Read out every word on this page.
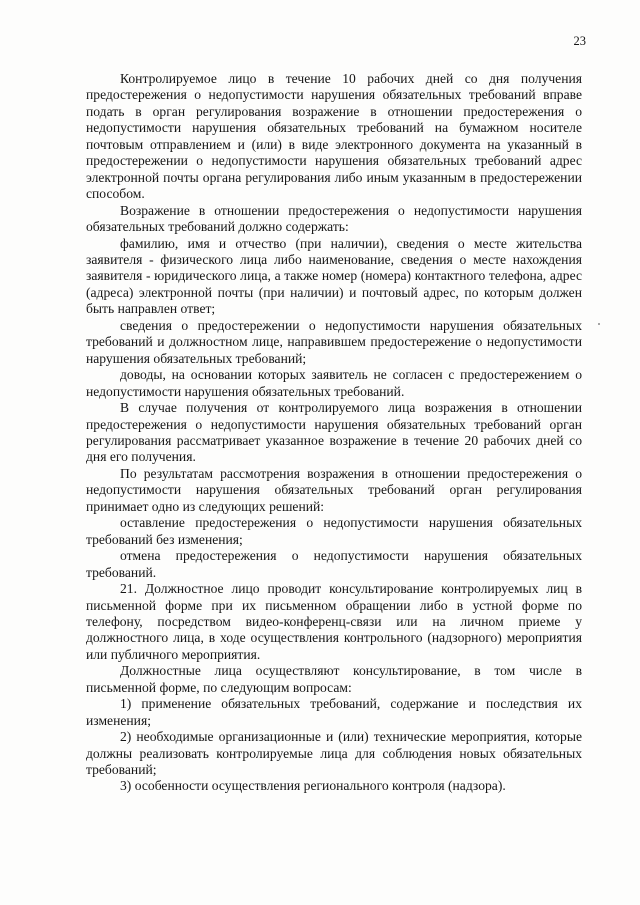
23

Контролируемое лицо в течение 10 рабочих дней со дня получения предостережения о недопустимости нарушения обязательных требований вправе подать в орган регулирования возражение в отношении предостережения о недопустимости нарушения обязательных требований на бумажном носителе почтовым отправлением и (или) в виде электронного документа на указанный в предостережении о недопустимости нарушения обязательных требований адрес электронной почты органа регулирования либо иным указанным в предостережении способом.

Возражение в отношении предостережения о недопустимости нарушения обязательных требований должно содержать:

фамилию, имя и отчество (при наличии), сведения о месте жительства заявителя - физического лица либо наименование, сведения о месте нахождения заявителя - юридического лица, а также номер (номера) контактного телефона, адрес (адреса) электронной почты (при наличии) и почтовый адрес, по которым должен быть направлен ответ;

сведения о предостережении о недопустимости нарушения обязательных требований и должностном лице, направившем предостережение о недопустимости нарушения обязательных требований;

доводы, на основании которых заявитель не согласен с предостережением о недопустимости нарушения обязательных требований.

В случае получения от контролируемого лица возражения в отношении предостережения о недопустимости нарушения обязательных требований орган регулирования рассматривает указанное возражение в течение 20 рабочих дней со дня его получения.

По результатам рассмотрения возражения в отношении предостережения о недопустимости нарушения обязательных требований орган регулирования принимает одно из следующих решений:

оставление предостережения о недопустимости нарушения обязательных требований без изменения;

отмена предостережения о недопустимости нарушения обязательных требований.

21. Должностное лицо проводит консультирование контролируемых лиц в письменной форме при их письменном обращении либо в устной форме по телефону, посредством видео-конференц-связи или на личном приеме у должностного лица, в ходе осуществления контрольного (надзорного) мероприятия или публичного мероприятия.

Должностные лица осуществляют консультирование, в том числе в письменной форме, по следующим вопросам:

1) применение обязательных требований, содержание и последствия их изменения;

2) необходимые организационные и (или) технические мероприятия, которые должны реализовать контролируемые лица для соблюдения новых обязательных требований;

3) особенности осуществления регионального контроля (надзора).
